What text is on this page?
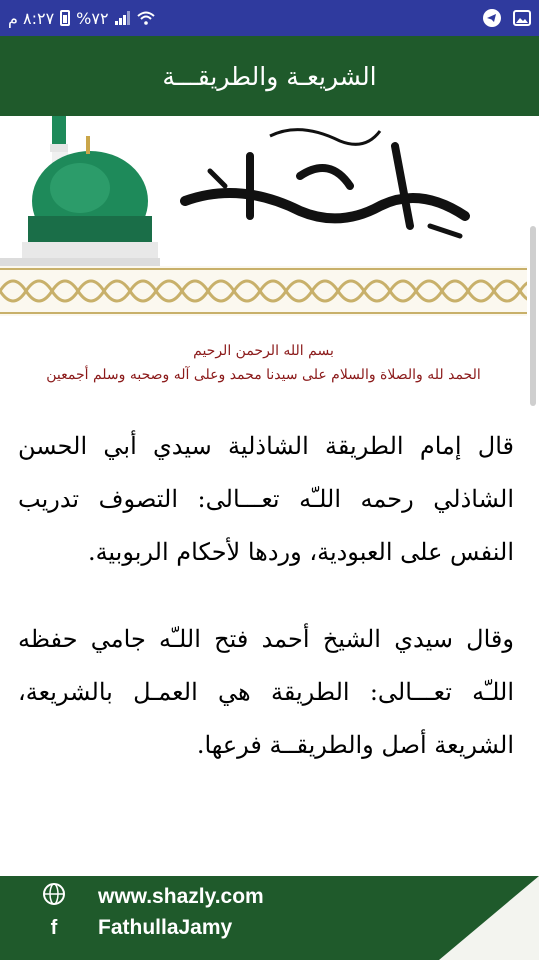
٨:٢٧ م %٧٢
الشريعـة والطريقـــة
بسم الله الرحمن الرحيم
الحمد لله والصلاة والسلام على سيدنا محمد وعلى آله وصحبه وسلم أجمعين

قال إمام الطريقة الشاذلية سيدي أبي الحسن الشاذلي رحمه اللـّه تعـــالى: التصوف تدريب النفس على العبودية، وردها لأحكام الربوبية.

وقال سيدي الشيخ أحمد فتح اللـّه جامي حفظه اللـّه تعـــالى: الطريقة هي العمـل بالشريعة، الشريعة أصل والطريقــة فرعها.

www.shazly.com
f	FathullaJamy
